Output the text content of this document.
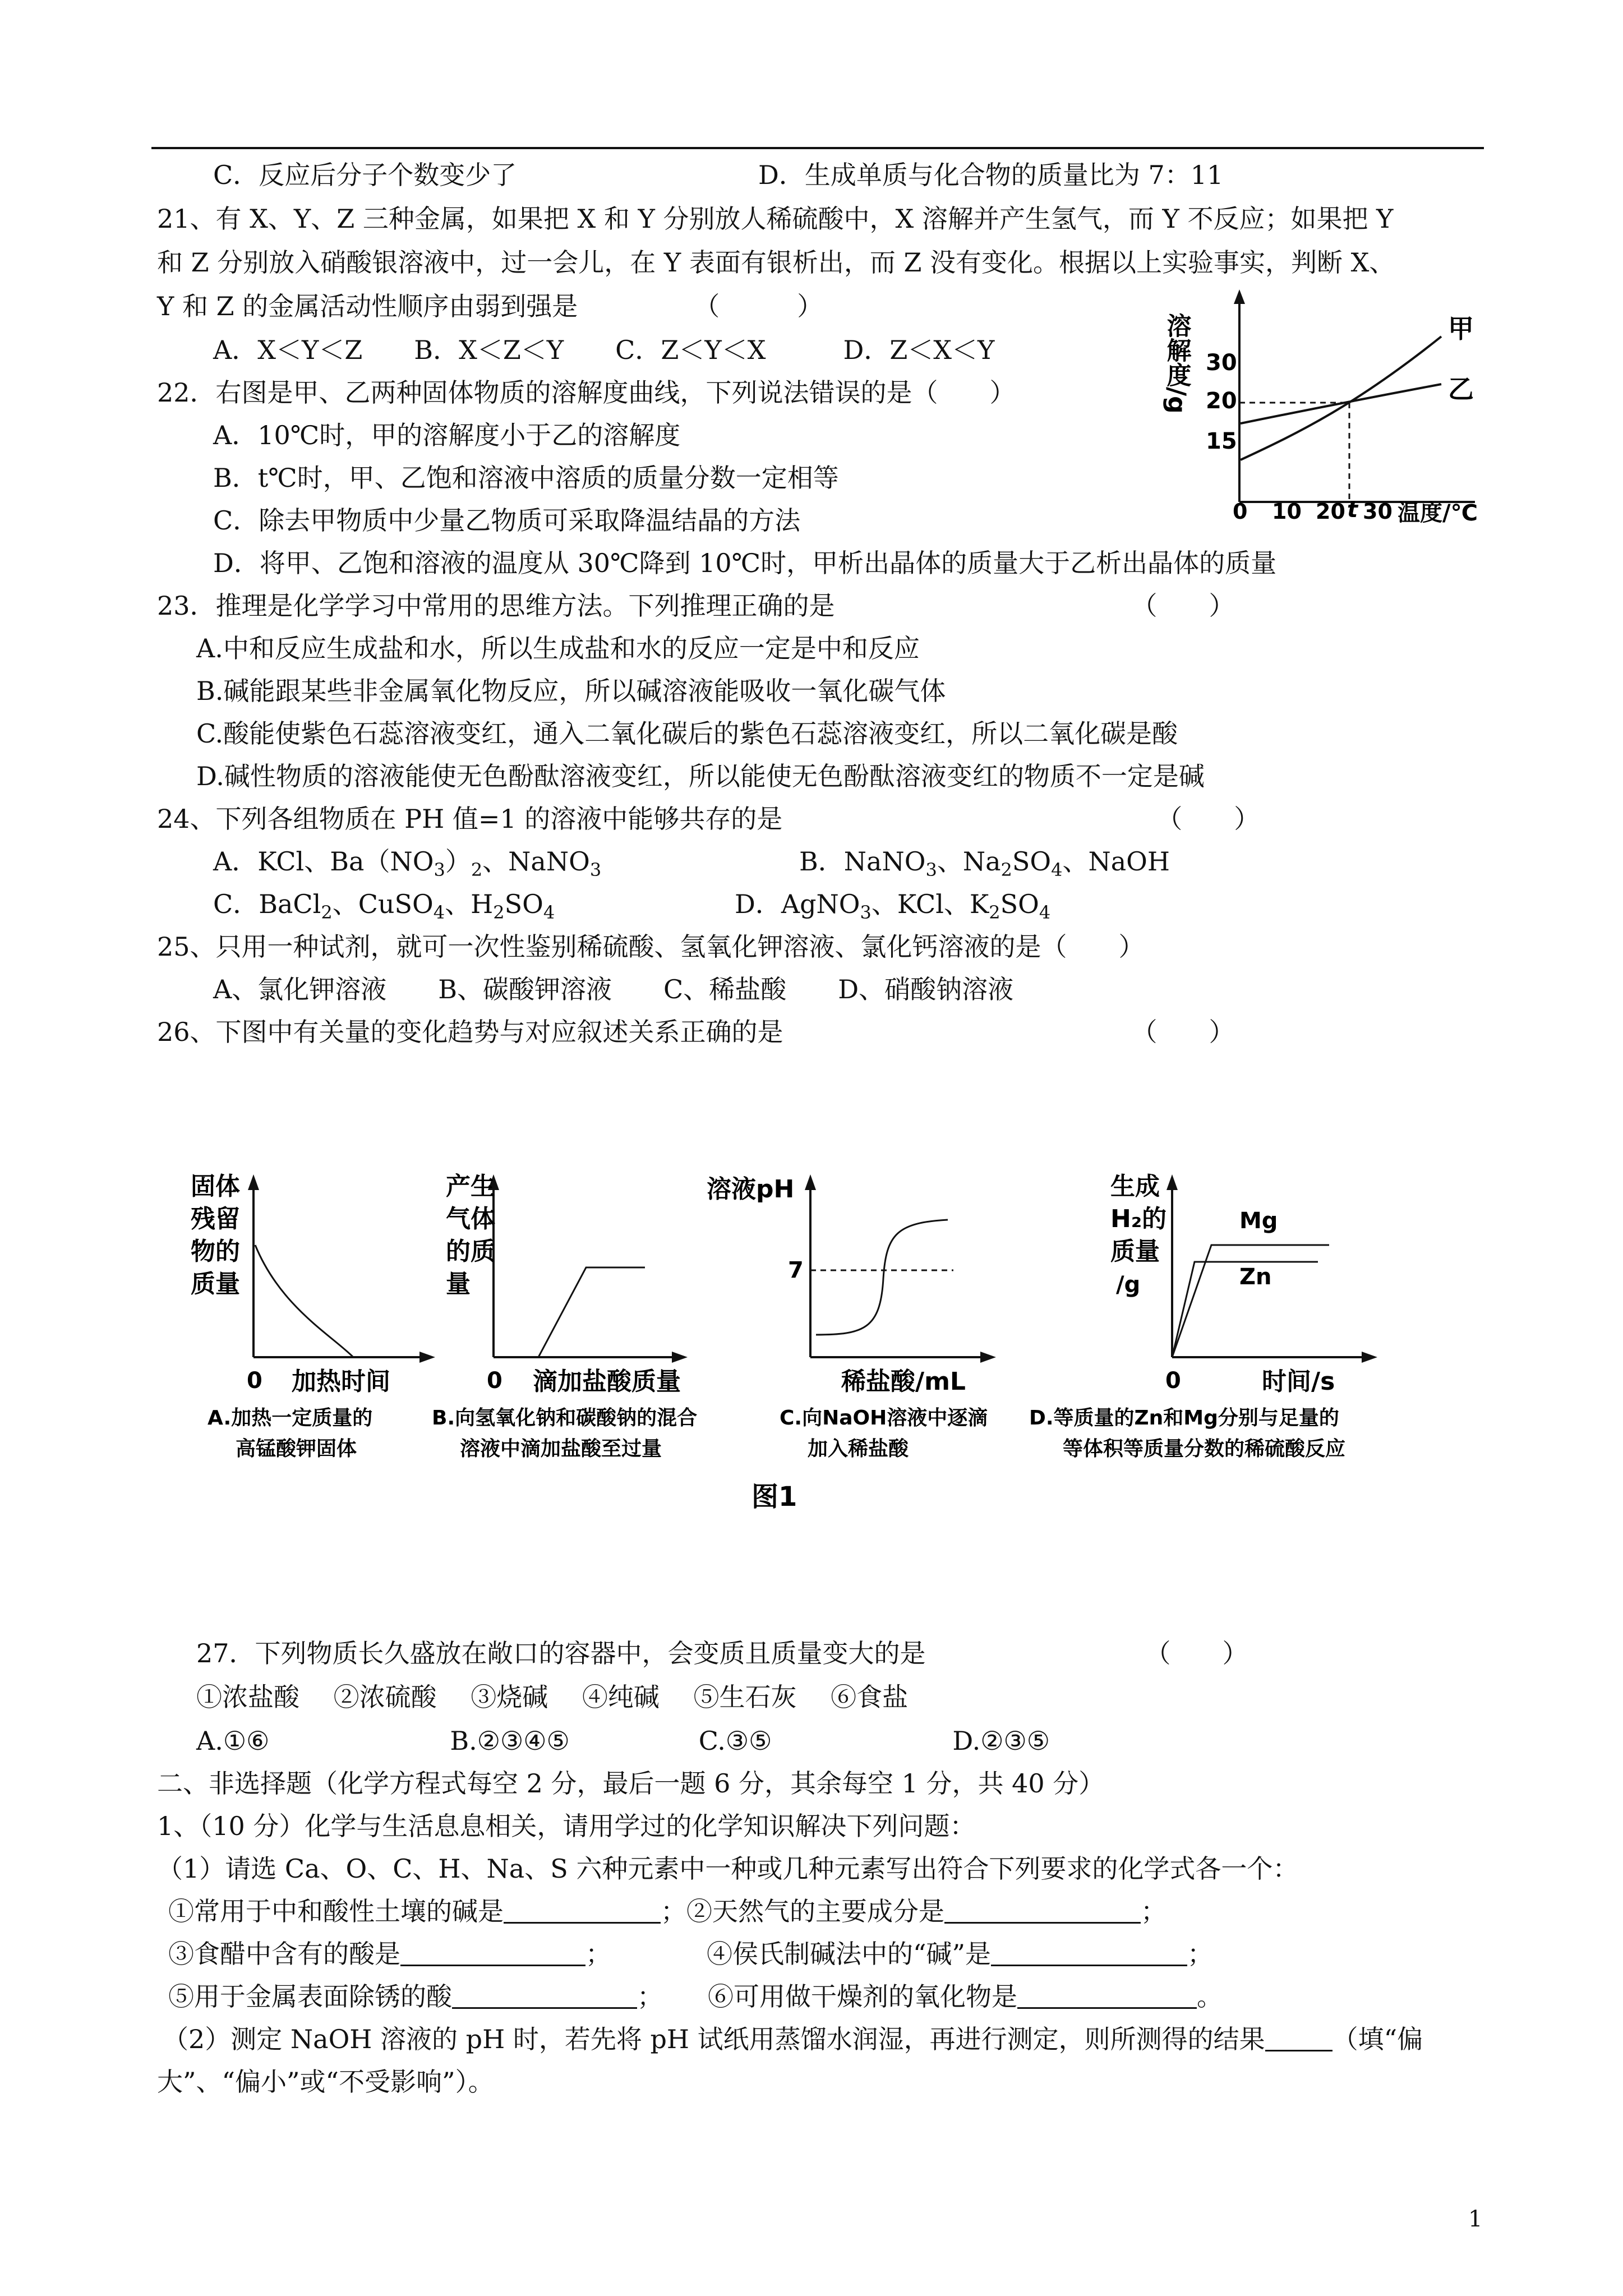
C．反应后分子个数变少了	D．生成单质与化合物的质量比为 7：11
21、有 X、Y、Z 三种金属，如果把 X 和 Y 分别放人稀硫酸中，X 溶解并产生氢气，而 Y 不反应；如果把 Y
和 Z 分别放入硝酸银溶液中，过一会儿，在 Y 表面有银析出，而 Z 没有变化。根据以上实验事实，判断 X、
Y 和 Z 的金属活动性顺序由弱到强是　　　　　（　　　）
A．X＜Y＜Z　　B．X＜Z＜Y　　C．Z＜Y＜X　　　D．Z＜X＜Y
22．右图是甲、乙两种固体物质的溶解度曲线，下列说法错误的是（　　）
A．10℃时，甲的溶解度小于乙的溶解度
B．t℃时，甲、乙饱和溶液中溶质的质量分数一定相等
C．除去甲物质中少量乙物质可采取降温结晶的方法
D．将甲、乙饱和溶液的温度从 30℃降到 10℃时，甲析出晶体的质量大于乙析出晶体的质量
溶解度/g 30
20
15
0 10 20 t 30 温度/℃
甲
乙
23．推理是化学学习中常用的思维方法。下列推理正确的是　　　　　　　　　　　　（　　）
A.中和反应生成盐和水，所以生成盐和水的反应一定是中和反应
B.碱能跟某些非金属氧化物反应，所以碱溶液能吸收一氧化碳气体
C.酸能使紫色石蕊溶液变红，通入二氧化碳后的紫色石蕊溶液变红，所以二氧化碳是酸
D.碱性物质的溶液能使无色酚酞溶液变红，所以能使无色酚酞溶液变红的物质不一定是碱
24、下列各组物质在 PH 值=1 的溶液中能够共存的是　　　　　　　　　　　　　　　（　　）
A．KCl、$Ba(NO_3)_2$、NaNO$_3$	B．NaNO$_3$、$Na_2SO_4$、NaOH
C．BaCl$_2$、CuSO$_4$、$H_2SO_4$	D．AgNO$_3$、KCl、$K_2SO_4$
25、只用一种试剂，就可一次性鉴别稀硫酸、氢氧化钾溶液、氯化钙溶液的是（　　）
A、氯化钾溶液　　B、碳酸钾溶液　　C、稀盐酸　　D、硝酸钠溶液
26、下图中有关量的变化趋势与对应叙述关系正确的是　　　　　　　　　　　　　　（　　）
固体
残留
物的
质量
0 加热时间
A.加热一定质量的
高锰酸钾固体
产生
气体
的质
量
0 滴加盐酸质量
B.向氢氧化钠和碳酸钠的混合
溶液中滴加盐酸至过量
溶液pH
7
稀盐酸/mL
C.向NaOH溶液中逐滴
加入稀盐酸
生成
H₂的
质量
/g
Mg
Zn
0	时间/s
D.等质量的Zn和Mg分别与足量的
等体积等质量分数的稀硫酸反应
图1
27．下列物质长久盛放在敞口的容器中，会变质且质量变大的是　　　　　　　　　（　　）
①浓盐酸　 ②浓硫酸　 ③烧碱　 ④纯碱　 ⑤生石灰　 ⑥食盐
A.①⑥　　　　　　　B.②③④⑤　　　　　C.③⑤　　　　　　　D.②③⑤
二、非选择题（化学方程式每空 2 分，最后一题 6 分，其余每空 1 分，共 40 分）
1、（10 分）化学与生活息息相关，请用学过的化学知识解决下列问题：
（1）请选 Ca、O、C、H、Na、S 六种元素中一种或几种元素写出符合下列要求的化学式各一个：
①常用于中和酸性土壤的碱是	；②天然气的主要成分是	；
③食醋中含有的酸是	；	④侯氏制碱法中的“碱”是	；
⑤用于金属表面除锈的酸	； ⑥可用做干燥剂的氧化物是	。
（2）测定 NaOH 溶液的 pH 时，若先将 pH 试纸用蒸馏水润湿，再进行测定，则所测得的结果	（填“偏
大”、“偏小”或“不受影响”）。
1
